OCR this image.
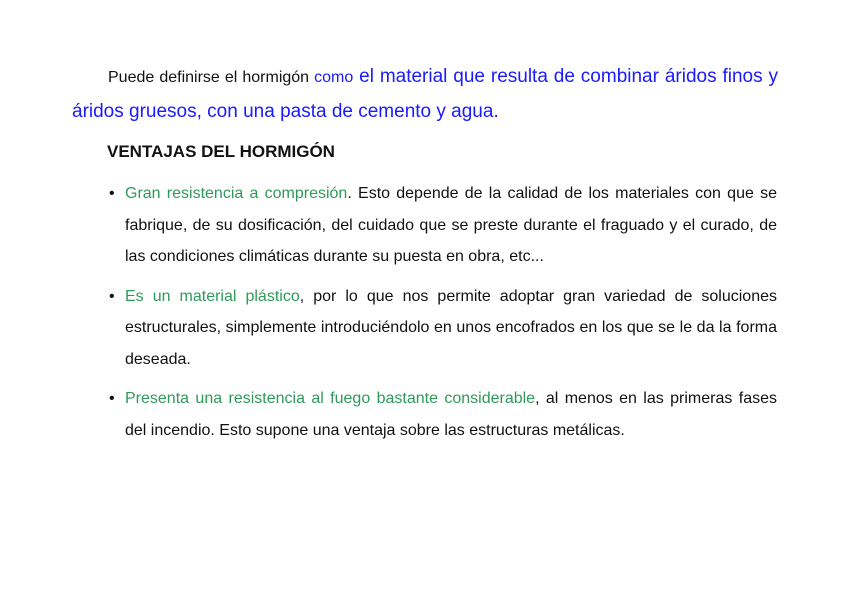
Puede definirse el hormigón como el material que resulta de combinar áridos finos y áridos gruesos, con una pasta de cemento y agua.

VENTAJAS DEL HORMIGÓN
• Gran resistencia a compresión. Esto depende de la calidad de los materiales con que se fabrique, de su dosificación, del cuidado que se preste durante el fraguado y el curado, de las condiciones climáticas durante su puesta en obra, etc...
• Es un material plástico, por lo que nos permite adoptar gran variedad de soluciones estructurales, simplemente introduciéndolo en unos encofrados en los que se le da la forma deseada.
• Presenta una resistencia al fuego bastante considerable, al menos en las primeras fases del incendio. Esto supone una ventaja sobre las estructuras metálicas.
